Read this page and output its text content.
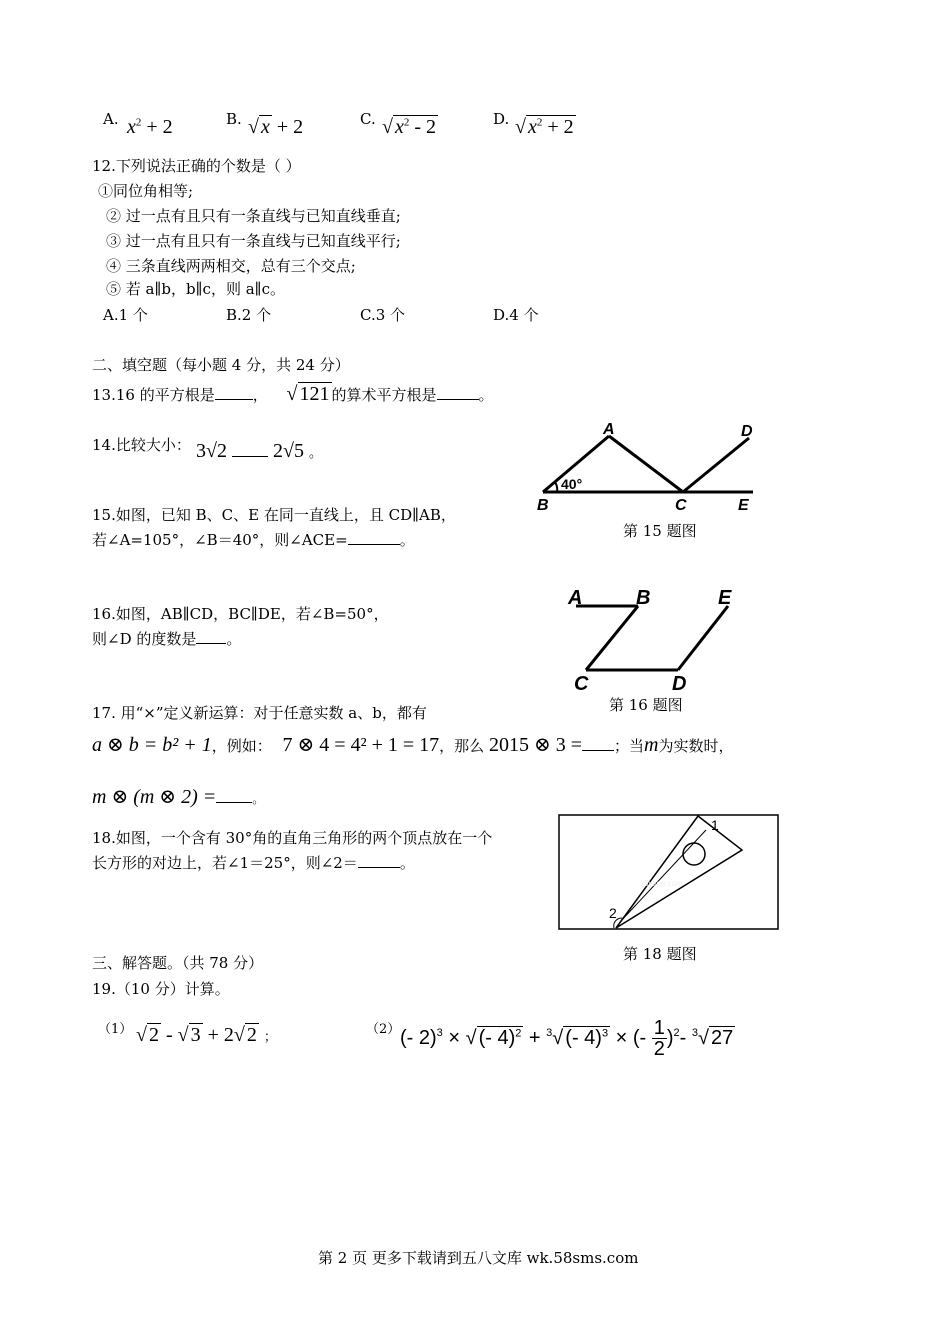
A. $x^2 + 2$	B. √ x + 2	C. √ $x^2 - 2$	D. √ $x^2 + 2$
12.下列说法正确的个数是（ ）
①同位角相等;
② 过一点有且只有一条直线与已知直线垂直;
③ 过一点有且只有一条直线与已知直线平行;
④ 三条直线两两相交，总有三个交点;
⑤ 若 a∥b，b∥c，则 a∥c。
A.1 个	B.2 个	C.3 个	D.4 个
二、填空题（每小题 4 分，共 24 分）
13.16 的平方根是	， √ 121 的算术平方根是	。
14.比较大小： 3√2 2√5 。
A
B	C
D
E
40°
第 15 题图
15.如图，已知 B、C、E 在同一直线上，且 CD∥AB，
若∠A=105°，∠B＝40°，则∠ACE=	。
A	B
C	D
E
第 16 题图
16.如图，AB∥CD，BC∥DE，若∠B=50°，
则∠D 的度数是 。
17. 用“×”定义新运算：对于任意实数 a、b，都有
a ⊗ b = b² + 1，例如： 7 ⊗ 4 = 4² + 1 = 17，那么 2015 ⊗ 3 = ；当m为实数时，
m ⊗ (m ⊗ 2) =	。
18.如图，一个含有 30°角的直角三角形的两个顶点放在一个
长方形的对边上，若∠1＝25°，则∠2＝	。
5yson.com
1
2
第 18 题图
三、解答题。（共 78 分）
19.（10 分）计算。
（1） √ 2 - √ 3 + 2√ 2 ；	（2） (- 2)$^3$ × √ (- 4)$^2$ + $^3$√ (- 4)$^3$ × (- $\frac{1}{2} )^2-$ $^3$√ 27
第 2 页 更多下载请到五八文库 wk.58sms.com
